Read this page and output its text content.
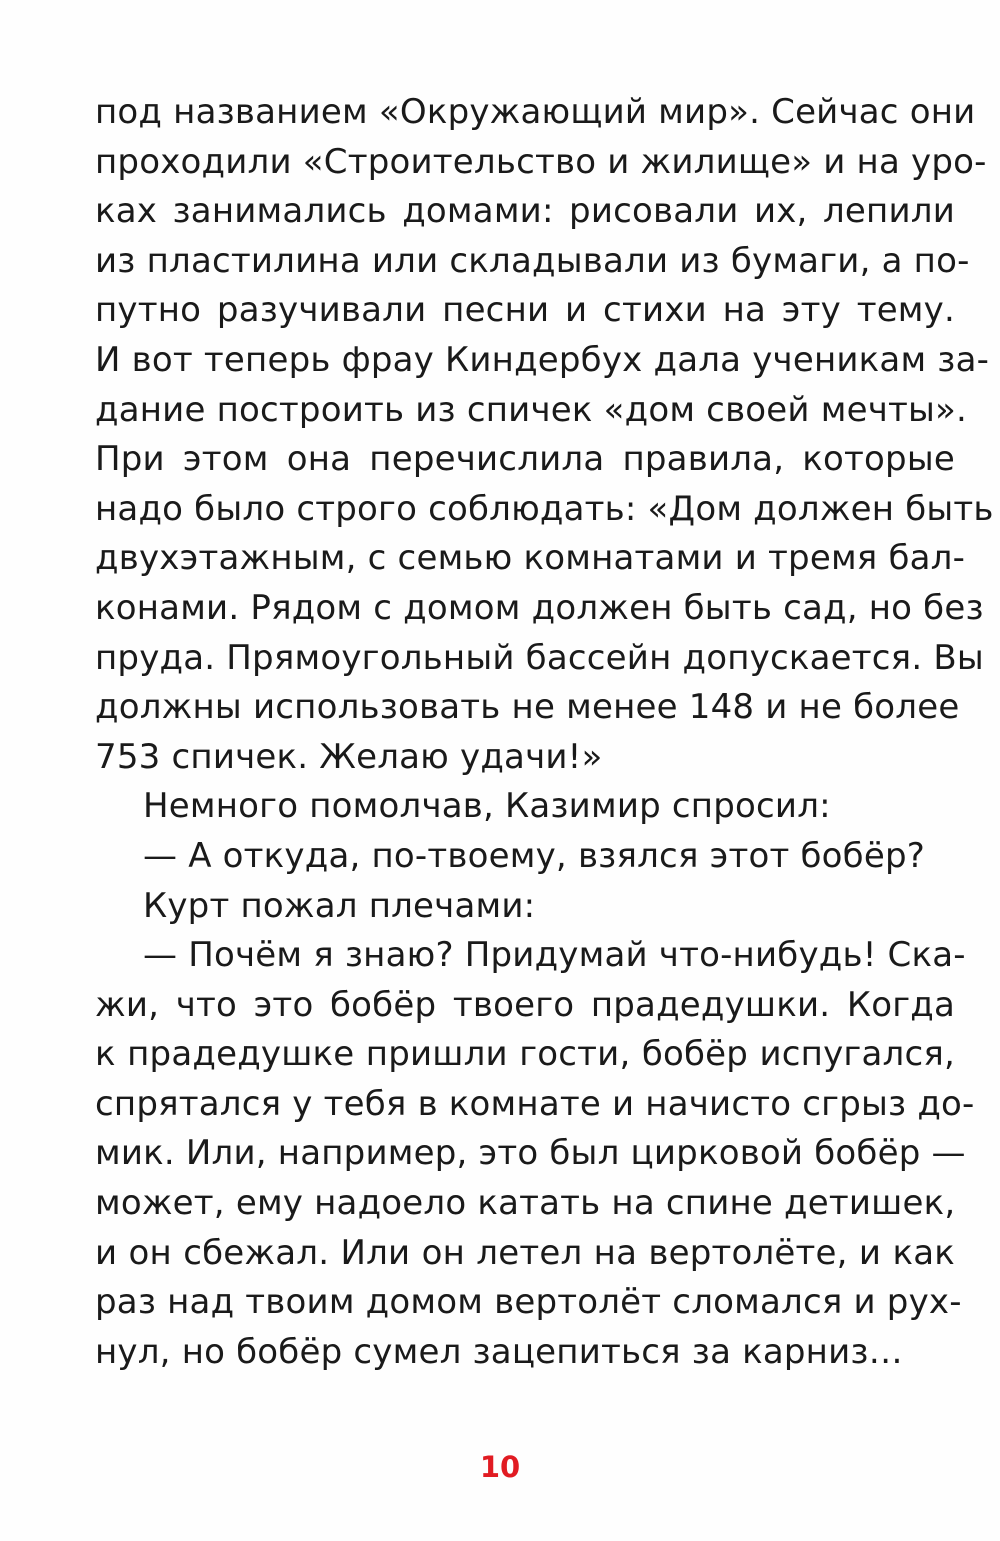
под названием «Окружающий мир». Сейчас они
проходили «Строительство и жилище» и на уро-
ках занимались домами: рисовали их, лепили
из пластилина или складывали из бумаги, а по-
путно разучивали песни и стихи на эту тему.
И вот теперь фрау Киндербух дала ученикам за-
дание построить из спичек «дом своей мечты».
При этом она перечислила правила, которые
надо было строго соблюдать: «Дом должен быть
двухэтажным, с семью комнатами и тремя бал-
конами. Рядом с домом должен быть сад, но без
пруда. Прямоугольный бассейн допускается. Вы
должны использовать не менее 148 и не более
753 спичек. Желаю удачи!»
Немного помолчав, Казимир спросил:
— А откуда, по-твоему, взялся этот бобёр?
Курт пожал плечами:
— Почём я знаю? Придумай что-нибудь! Ска-
жи, что это бобёр твоего прадедушки. Когда
к прадедушке пришли гости, бобёр испугался,
спрятался у тебя в комнате и начисто сгрыз до-
мик. Или, например, это был цирковой бобёр —
может, ему надоело катать на спине детишек,
и он сбежал. Или он летел на вертолёте, и как
раз над твоим домом вертолёт сломался и рух-
нул, но бобёр сумел зацепиться за карниз…
10
